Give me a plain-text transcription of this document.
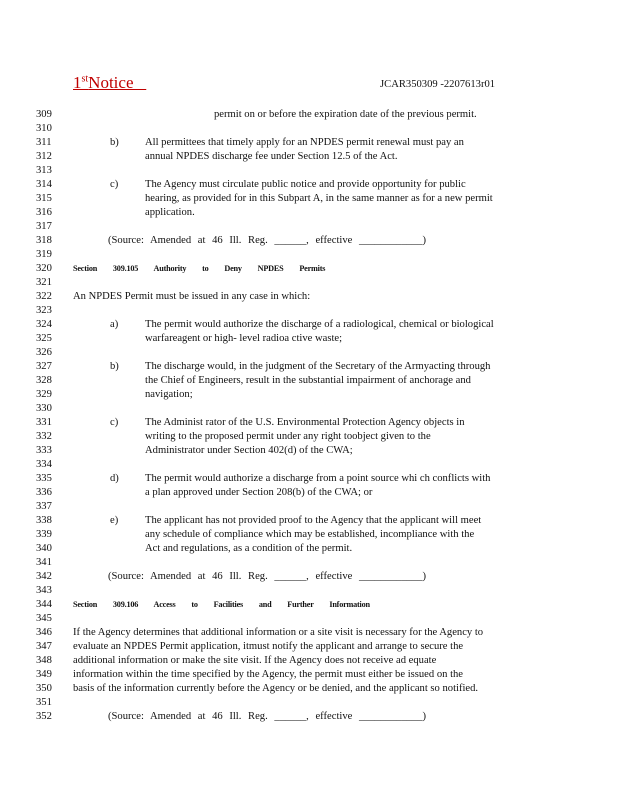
1stNotice	JCAR350309 -2207613r01
309	permit on or before the expiration date of the previous permit.
310
311	b) All permittees that timely apply for an NPDES permit renewal must pay an
312	annual NPDES discharge fee under Section 12.5 of the Act.
313
314	c)	The Agency must circulate public notice and provide opportunity for public
315	hearing, as provided for in this Subpart A, in the same manner as for a new permit
316	application.
317
318	(Source: Amended at 46 Ill. Reg. ______, effective ____________)
319
320	Section 309.105 Authority to Deny NPDES Permits
321
322	An NPDES Permit must be issued in any case in which:
323
324	a)	The permit would authorize the discharge of a radiological, chemical or biological
325	warfareagent or high- level radioa ctive waste;
326
327	b) The discharge would, in the judgment of the Secretary of the Armyacting through
328	the Chief of Engineers, result in the substantial impairment of anchorage and
329	navigation;
330
331	c)	The Administ rator of the U.S. Environmental Protection Agency objects in
332	writing to the proposed permit under any right toobject given to the
333	Administrator under Section 402(d) of the CWA;
334
335	d) The permit would authorize a discharge from a point source whi ch conflicts with
336	a plan approved under Section 208(b) of the CWA; or
337
338	e)	The applicant has not provided proof to the Agency that the applicant will meet
339	any schedule of compliance which may be established, incompliance with the
340	Act and regulations, as a condition of the permit.
341
342	(Source: Amended at 46 Ill. Reg. ______, effective ____________)
343
344	Section 309.106 Access to Facilities and Further Information
345
346	If the Agency determines that additional information or a site visit is necessary for the Agency to
347	evaluate an NPDES Permit application, itmust notify the applicant and arrange to secure the
348	additional information or make the site visit. If the Agency does not receive ad equate
349	information within the time specified by the Agency, the permit must either be issued on the
350	basis of the information currently before the Agency or be denied, and the applicant so notified.
351
352	(Source: Amended at 46 Ill. Reg. ______, effective ____________)
